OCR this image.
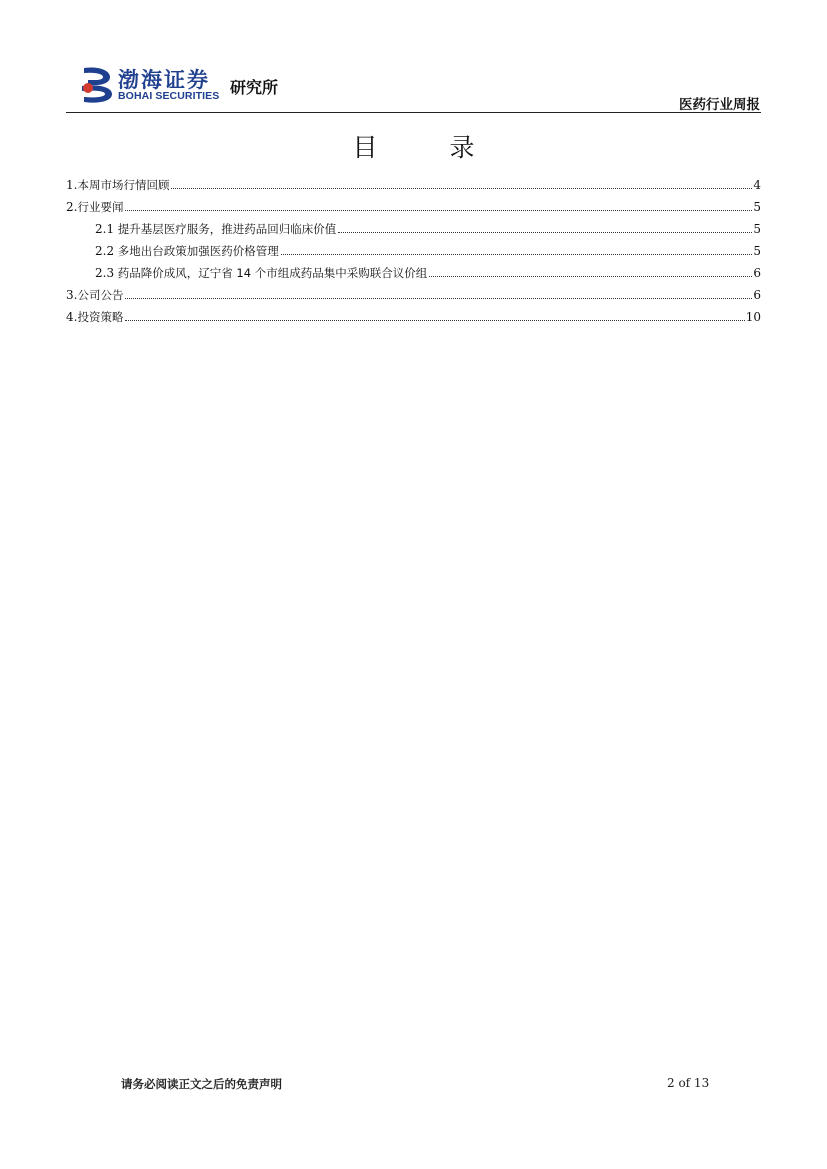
渤海证券
BOHAI SECURITIES 研究所
医药行业周报
目 录
1.本周市场行情回顾	4
2.行业要闻	5
2.1 提升基层医疗服务，推进药品回归临床价值	5
2.2 多地出台政策加强医药价格管理	5
2.3 药品降价成风，辽宁省 14 个市组成药品集中采购联合议价组	6
3.公司公告	6
4.投资策略	10
请务必阅读正文之后的免责声明	2 of 13
